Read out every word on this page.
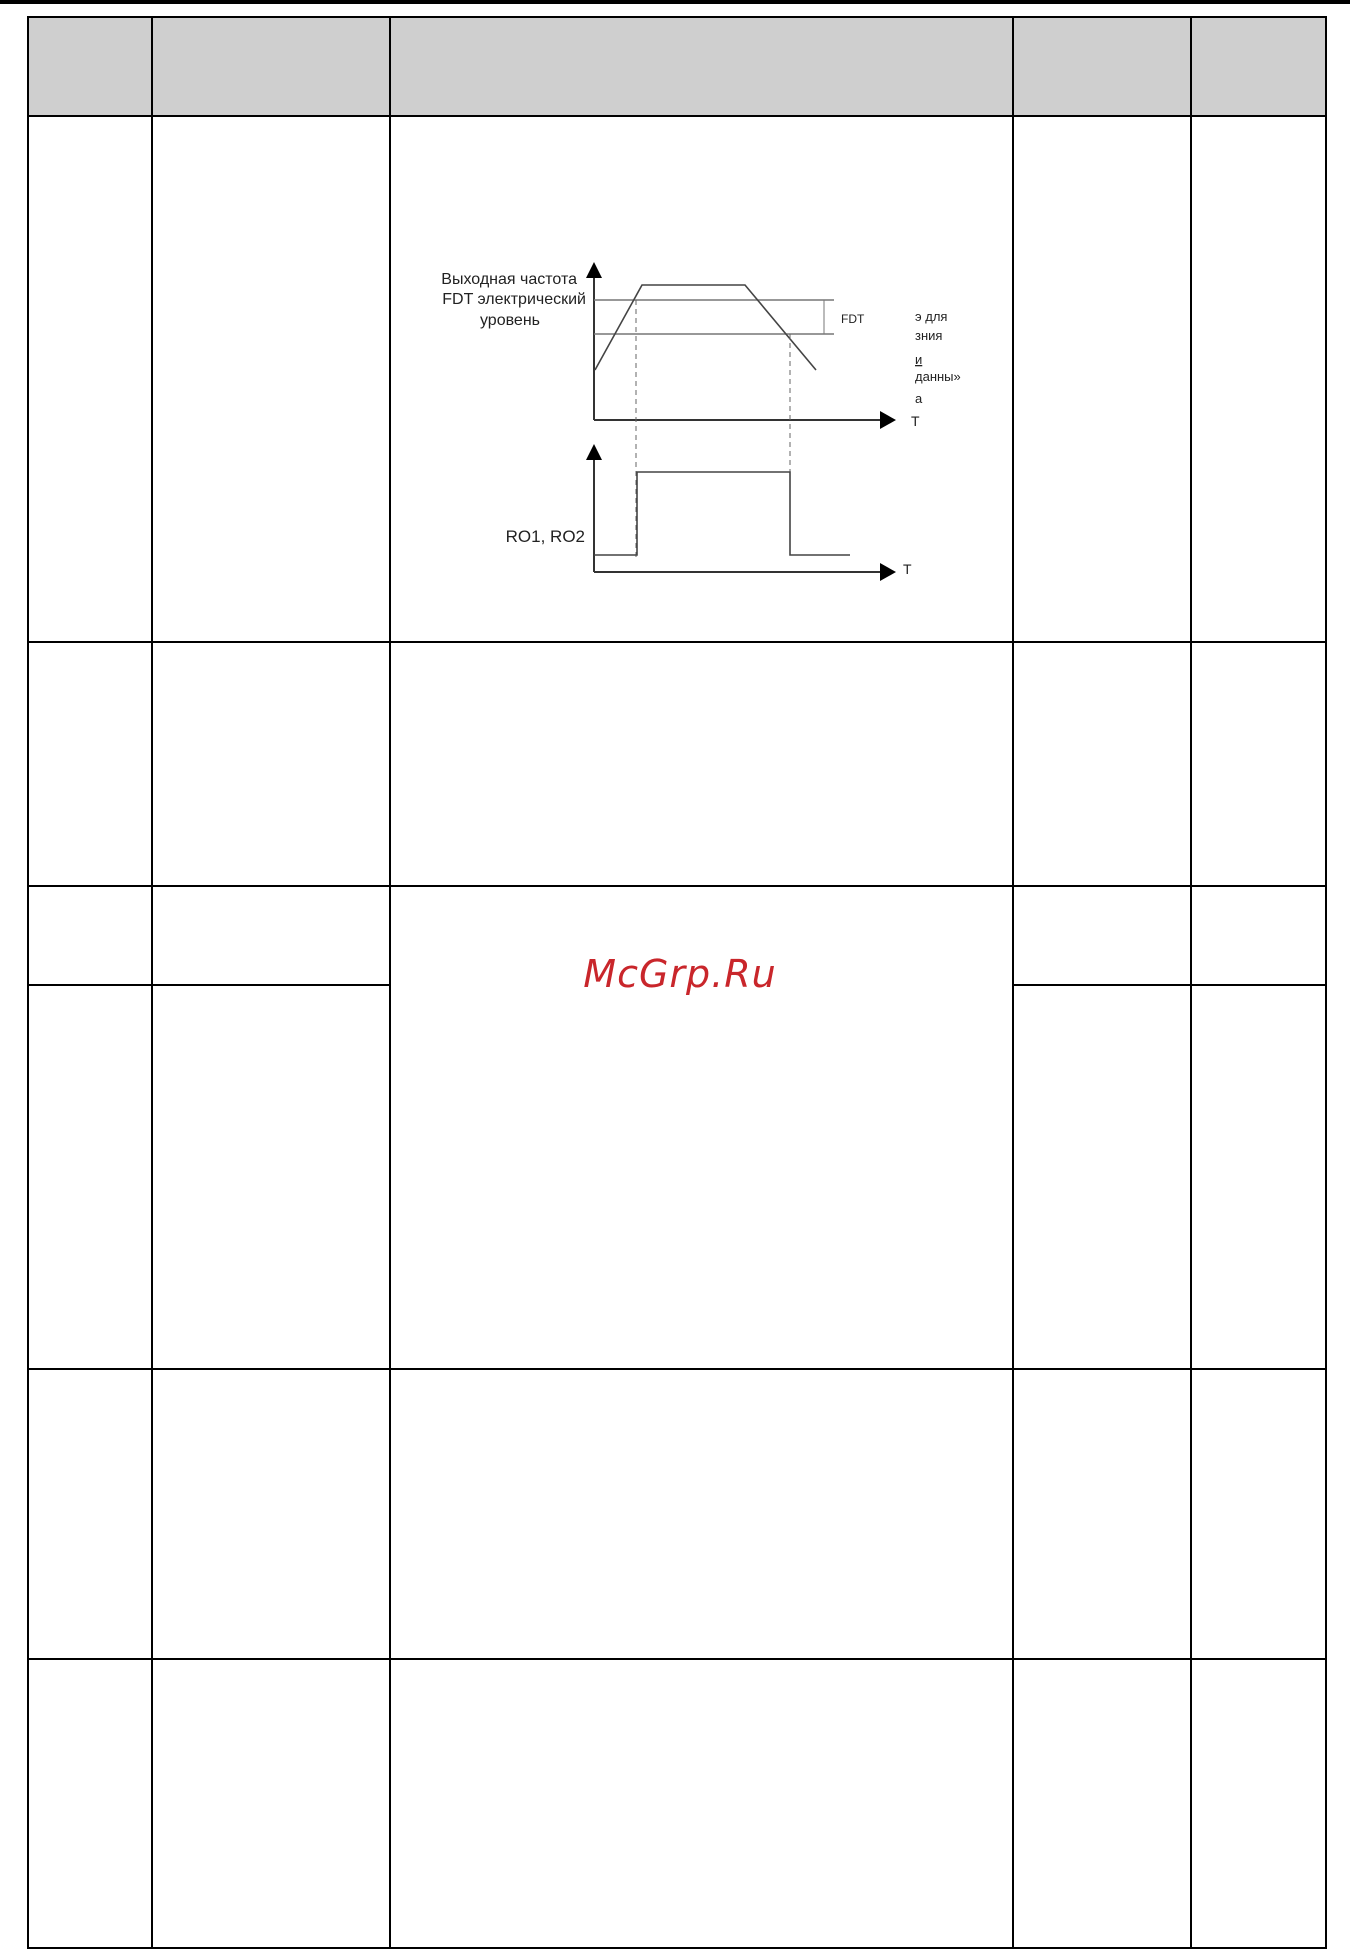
Выходная частота
FDT электрический
уровень	FDT	э для
зния
и
данны»
а
Т
RO1, RO2
T
McGrp.Ru
